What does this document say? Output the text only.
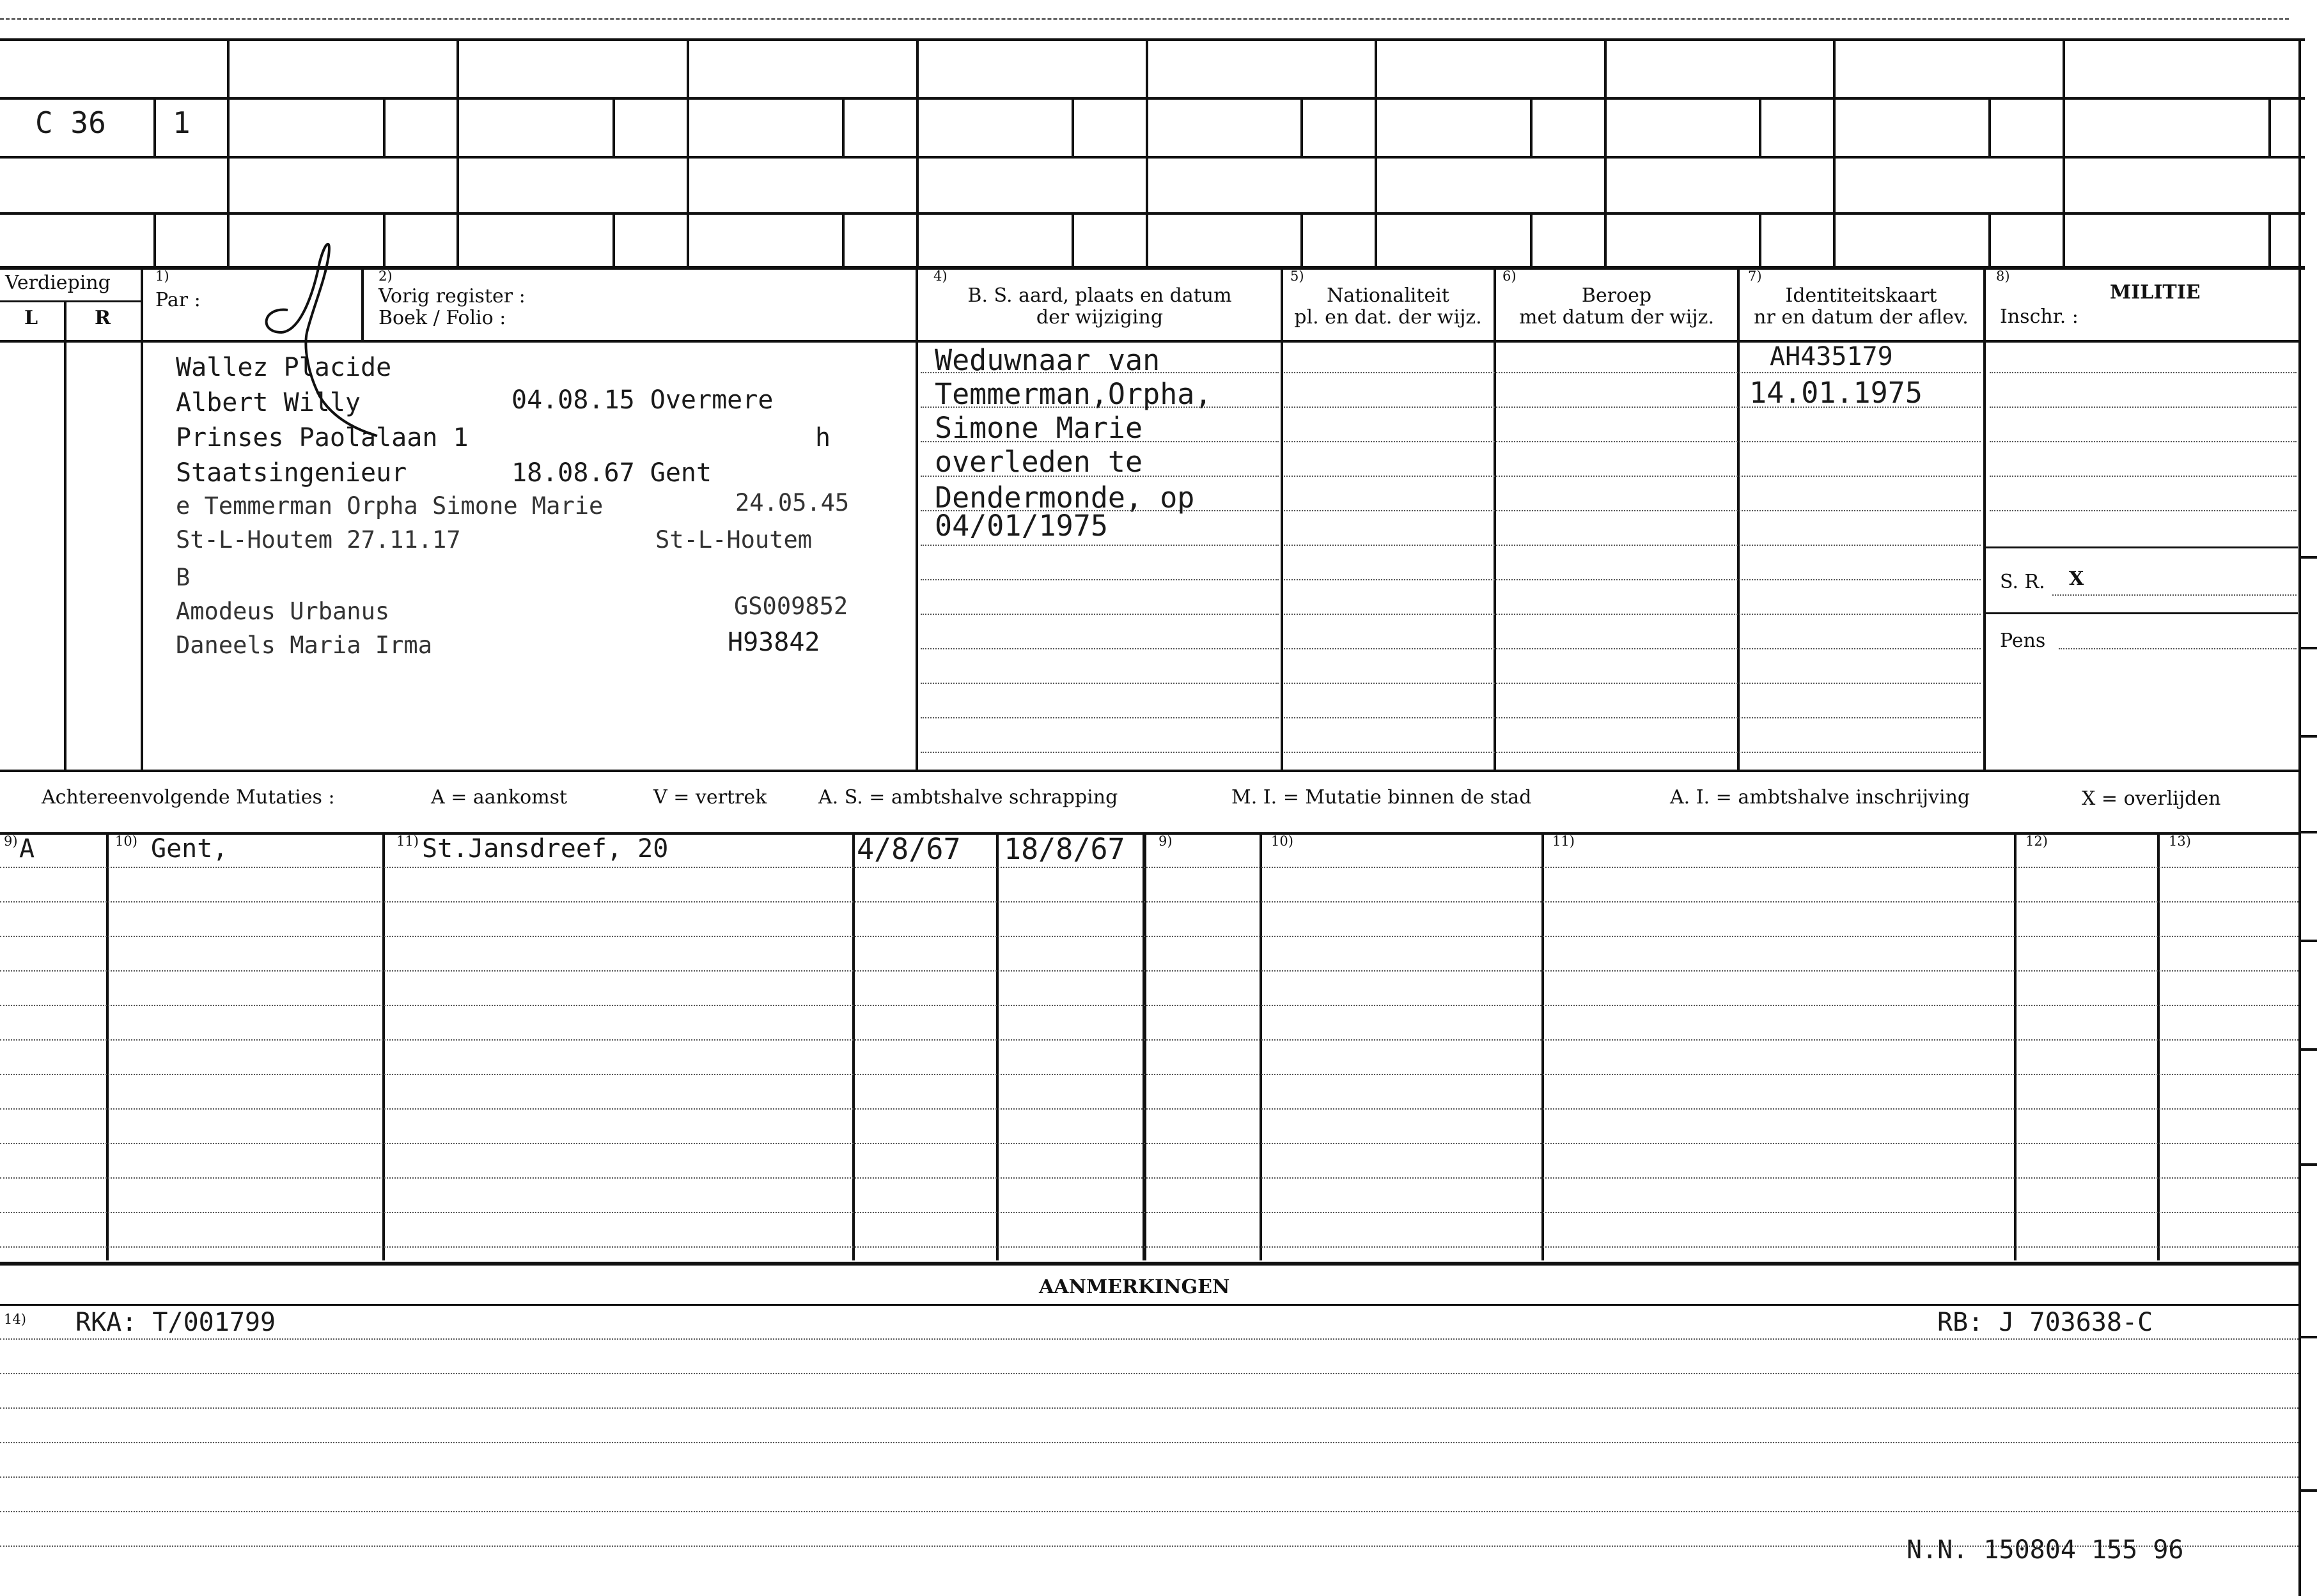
C 36 1
Verdieping
L	R
1)
Par :
2)
Vorig register :
Boek / Folio :
4)
B. S. aard, plaats en datum
der wijziging
5)
Nationaliteit
pl. en dat. der wijz.
6)
Beroep
met datum der wijz.
7)
Identiteitskaart
nr en datum der aflev.
8)
MILITIE
Inschr. :
Wallez Placide
Albert Willy	04.08.15 Overmere
Prinses Paolalaan 1	h
Staatsingenieur	18.08.67 Gent
e Temmerman Orpha Simone Marie	24.05.45
St-L-Houtem 27.11.17	St-L-Houtem
B
Amodeus Urbanus	GS009852
Daneels Maria Irma	H93842
Weduwnaar van
Temmerman,Orpha,
Simone Marie
overleden te
Dendermonde, op
04/01/1975
AH435179
14.01.1975
S. R. X
Pens
Achtereenvolgende Mutaties :	A = aankomst	V = vertrek	A. S. = ambtshalve schrapping	M. I. = Mutatie binnen de stad	A. I. = ambtshalve inschrijving	X = overlijden
9)	10)	11)	9)	10)	11)	12)	13)
A	Gent,	St.Jansdreef, 20	4/8/67 18/8/67
AANMERKINGEN
14) RKA: T/001799	RB: J 703638-C
N.N. 150804 155 96
